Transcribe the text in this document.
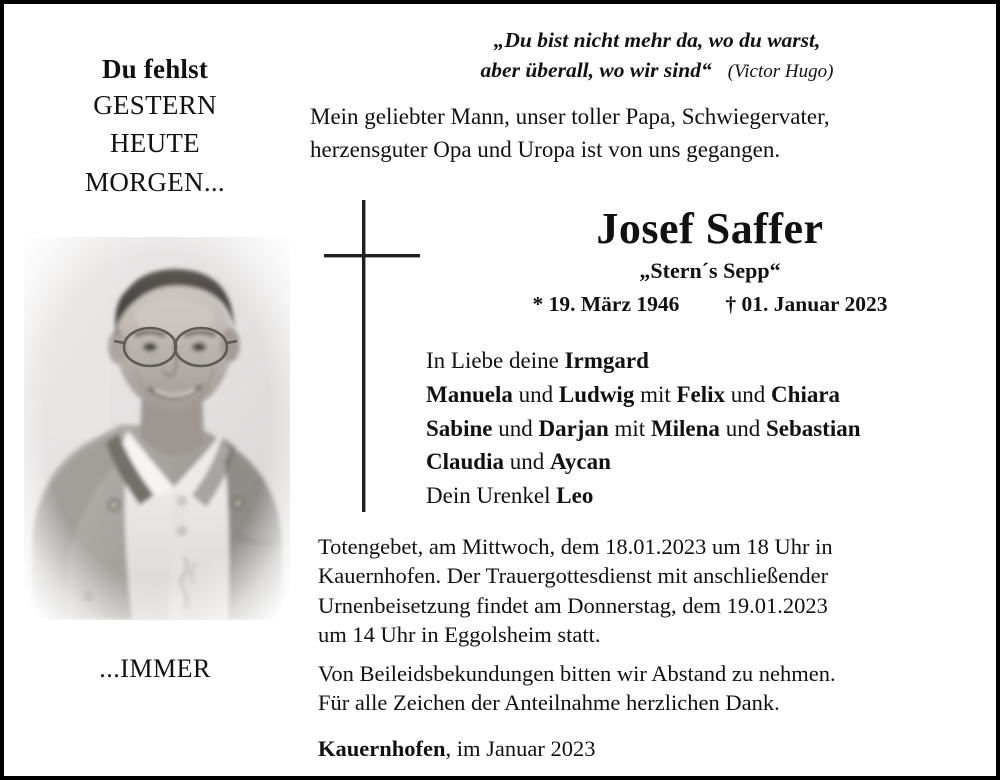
Du fehlst
GESTERN
HEUTE
MORGEN...
...IMMER
„Du bist nicht mehr da, wo du warst,
aber überall, wo wir sind“ (Victor Hugo)
Mein geliebter Mann, unser toller Papa, Schwiegervater,
herzensguter Opa und Uropa ist von uns gegangen.
Josef Saffer
„Stern´s Sepp“
* 19. März 1946 † 01. Januar 2023
In Liebe deine Irmgard
Manuela und Ludwig mit Felix und Chiara
Sabine und Darjan mit Milena und Sebastian
Claudia und Aycan
Dein Urenkel Leo
Totengebet, am Mittwoch, dem 18.01.2023 um 18 Uhr in
Kauernhofen. Der Trauergottesdienst mit anschließender
Urnenbeisetzung findet am Donnerstag, dem 19.01.2023
um 14 Uhr in Eggolsheim statt.
Von Beileidsbekundungen bitten wir Abstand zu nehmen.
Für alle Zeichen der Anteilnahme herzlichen Dank.
Kauernhofen, im Januar 2023
